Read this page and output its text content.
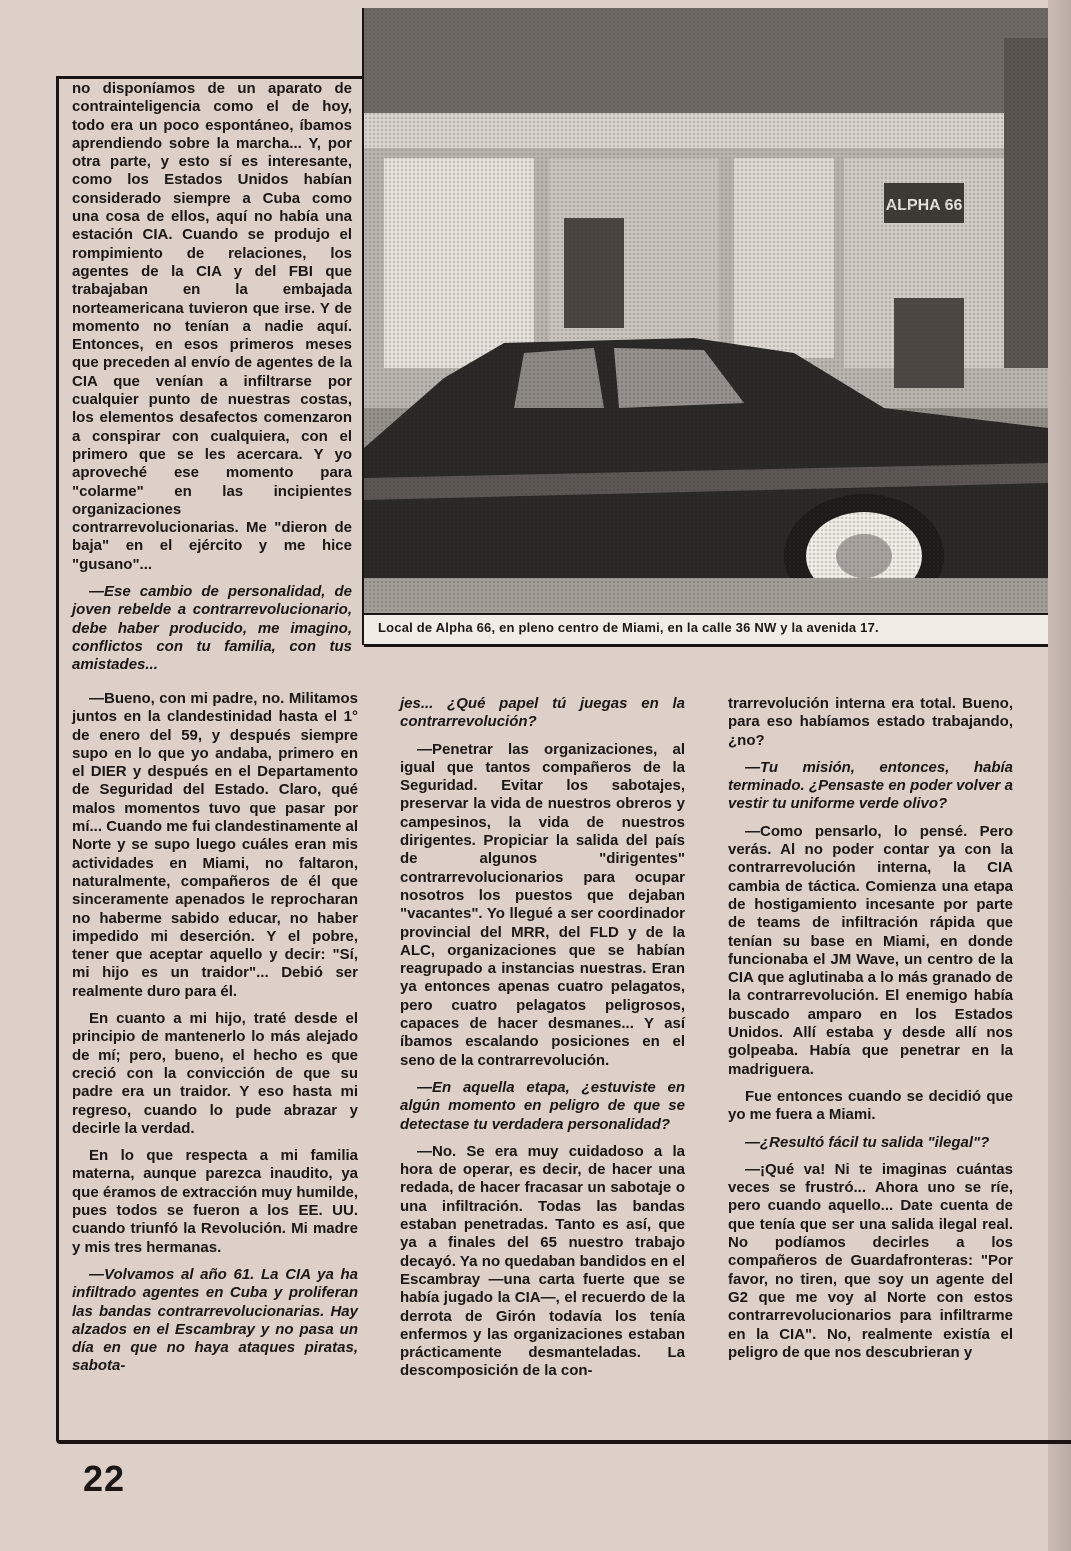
Local de Alpha 66, en pleno centro de Miami, en la calle 36 NW y la avenida 17.

no disponíamos de un aparato de contrainteligencia como el de hoy, todo era un poco espontáneo, íbamos aprendiendo sobre la marcha... Y, por otra parte, y esto sí es interesante, como los Estados Unidos habían considerado siempre a Cuba como una cosa de ellos, aquí no había una estación CIA. Cuando se produjo el rompimiento de relaciones, los agentes de la CIA y del FBI que trabajaban en la embajada norteamericana tuvieron que irse. Y de momento no tenían a nadie aquí. Entonces, en esos primeros meses que preceden al envío de agentes de la CIA que venían a infiltrarse por cualquier punto de nuestras costas, los elementos desafectos comenzaron a conspirar con cualquiera, con el primero que se les acercara. Y yo aproveché ese momento para "colarme" en las incipientes organizaciones contrarrevolucionarias. Me "dieron de baja" en el ejército y me hice "gusano"...

—Ese cambio de personalidad, de joven rebelde a contrarrevolucionario, debe haber producido, me imagino, conflictos con tu familia, con tus amistades...

—Bueno, con mi padre, no. Militamos juntos en la clandestinidad hasta el 1° de enero del 59, y después siempre supo en lo que yo andaba, primero en el DIER y después en el Departamento de Seguridad del Estado. Claro, qué malos momentos tuvo que pasar por mí... Cuando me fui clandestinamente al Norte y se supo luego cuáles eran mis actividades en Miami, no faltaron, naturalmente, compañeros de él que sinceramente apenados le reprocharan no haberme sabido educar, no haber impedido mi deserción. Y el pobre, tener que aceptar aquello y decir: "Sí, mi hijo es un traidor"... Debió ser realmente duro para él.

En cuanto a mi hijo, traté desde el principio de mantenerlo lo más alejado de mí; pero, bueno, el hecho es que creció con la convicción de que su padre era un traidor. Y eso hasta mi regreso, cuando lo pude abrazar y decirle la verdad.

En lo que respecta a mi familia materna, aunque parezca inaudito, ya que éramos de extracción muy humilde, pues todos se fueron a los EE. UU. cuando triunfó la Revolución. Mi madre y mis tres hermanas.

—Volvamos al año 61. La CIA ya ha infiltrado agentes en Cuba y proliferan las bandas contrarrevolucionarias. Hay alzados en el Escambray y no pasa un día en que no haya ataques piratas, sabota-

jes... ¿Qué papel tú juegas en la contrarrevolución?

—Penetrar las organizaciones, al igual que tantos compañeros de la Seguridad. Evitar los sabotajes, preservar la vida de nuestros obreros y campesinos, la vida de nuestros dirigentes. Propiciar la salida del país de algunos "dirigentes" contrarrevolucionarios para ocupar nosotros los puestos que dejaban "vacantes". Yo llegué a ser coordinador provincial del MRR, del FLD y de la ALC, organizaciones que se habían reagrupado a instancias nuestras. Eran ya entonces apenas cuatro pelagatos, pero cuatro pelagatos peligrosos, capaces de hacer desmanes... Y así íbamos escalando posiciones en el seno de la contrarrevolución.

—En aquella etapa, ¿estuviste en algún momento en peligro de que se detectase tu verdadera personalidad?

—No. Se era muy cuidadoso a la hora de operar, es decir, de hacer una redada, de hacer fracasar un sabotaje o una infiltración. Todas las bandas estaban penetradas. Tanto es así, que ya a finales del 65 nuestro trabajo decayó. Ya no quedaban bandidos en el Escambray —una carta fuerte que se había jugado la CIA—, el recuerdo de la derrota de Girón todavía los tenía enfermos y las organizaciones estaban prácticamente desmanteladas. La descomposición de la con-

trarrevolución interna era total. Bueno, para eso habíamos estado trabajando, ¿no?

—Tu misión, entonces, había terminado. ¿Pensaste en poder volver a vestir tu uniforme verde olivo?

—Como pensarlo, lo pensé. Pero verás. Al no poder contar ya con la contrarrevolución interna, la CIA cambia de táctica. Comienza una etapa de hostigamiento incesante por parte de teams de infiltración rápida que tenían su base en Miami, en donde funcionaba el JM Wave, un centro de la CIA que aglutinaba a lo más granado de la contrarrevolución. El enemigo había buscado amparo en los Estados Unidos. Allí estaba y desde allí nos golpeaba. Había que penetrar en la madriguera.

Fue entonces cuando se decidió que yo me fuera a Miami.

—¿Resultó fácil tu salida "ilegal"?

—¡Qué va! Ni te imaginas cuántas veces se frustró... Ahora uno se ríe, pero cuando aquello... Date cuenta de que tenía que ser una salida ilegal real. No podíamos decirles a los compañeros de Guardafronteras: "Por favor, no tiren, que soy un agente del G2 que me voy al Norte con estos contrarrevolucionarios para infiltrarme en la CIA". No, realmente existía el peligro de que nos descubrieran y

22
